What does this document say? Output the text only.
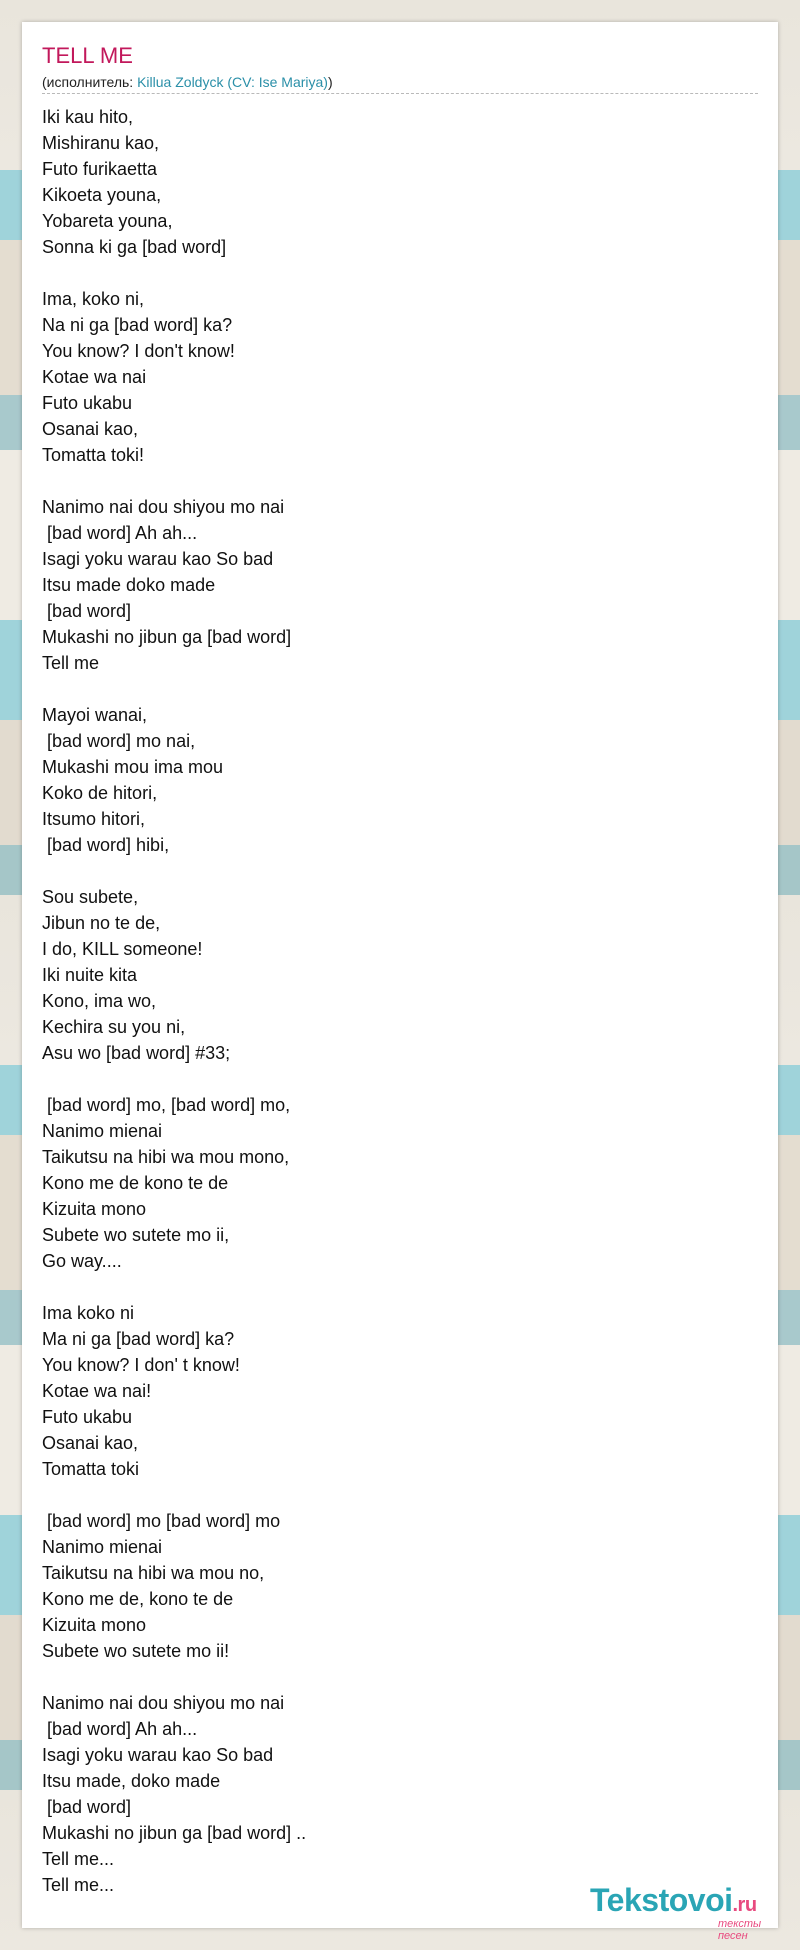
TELL ME
(исполнитель: Killua Zoldyck (CV: Ise Mariya))
Iki kau hito,
Mishiranu kao,
Futo furikaetta
Kikoeta youna,
Yobareta youna,
Sonna ki ga [bad word]

Ima, koko ni,
Na ni ga [bad word] ka?
You know? I don't know!
Kotae wa nai
Futo ukabu
Osanai kao,
Tomatta toki!

Nanimo nai dou shiyou mo nai
[bad word] Ah ah...
Isagi yoku warau kao So bad
Itsu made doko made
[bad word]
Mukashi no jibun ga [bad word]
Tell me

Mayoi wanai,
[bad word] mo nai,
Mukashi mou ima mou
Koko de hitori,
Itsumo hitori,
[bad word] hibi,

Sou subete,
Jibun no te de,
I do, KILL someone!
Iki nuite kita
Kono, ima wo,
Kechira su you ni,
Asu wo [bad word] #33;

[bad word] mo, [bad word] mo,
Nanimo mienai
Taikutsu na hibi wa mou mono,
Kono me de kono te de
Kizuita mono
Subete wo sutete mo ii,
Go way....

Ima koko ni
Ma ni ga [bad word] ka?
You know? I don' t know!
Kotae wa nai!
Futo ukabu
Osanai kao,
Tomatta toki

[bad word] mo [bad word] mo
Nanimo mienai
Taikutsu na hibi wa mou no,
Kono me de, kono te de
Kizuita mono
Subete wo sutete mo ii!

Nanimo nai dou shiyou mo nai
[bad word] Ah ah...
Isagi yoku warau kao So bad
Itsu made, doko made
[bad word]
Mukashi no jibun ga [bad word] ..
Tell me...
Tell me...	Tekstovoi.ru
тексты песен
